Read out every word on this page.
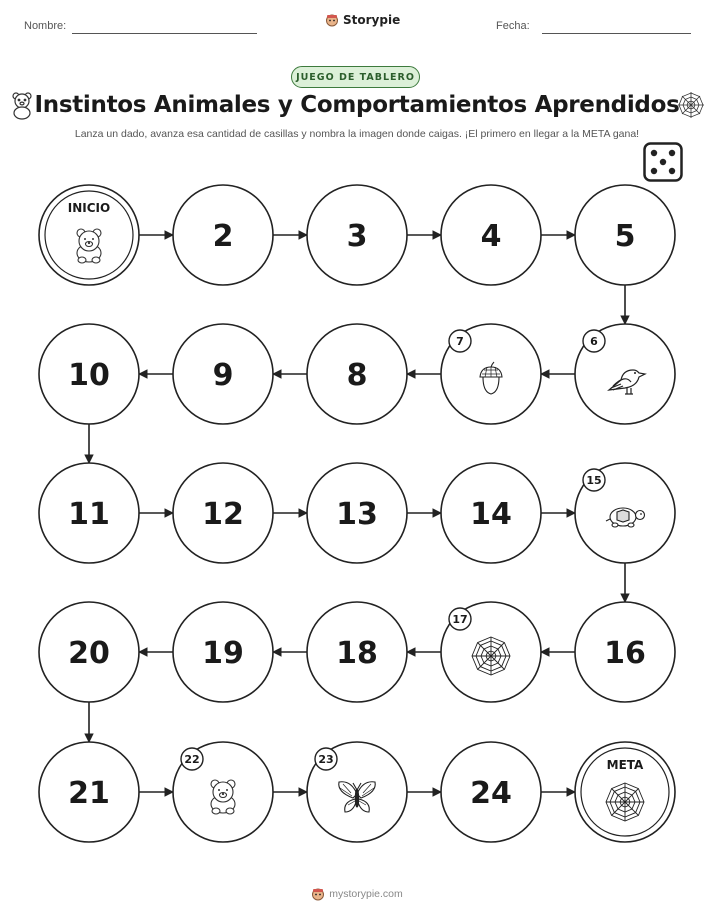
Nombre:	Storypie	Fecha:
JUEGO DE TABLERO
Instintos Animales y Comportamientos Aprendidos
Lanza un dado, avanza esa cantidad de casillas y nombra la imagen donde caigas. ¡El primero en llegar a la META gana!
INICIO
2	3	4	5
6
7
8
9
10
11	12	13	14
15
16
17
18
19
20
21
22	23
24
META
mystorypie.com
